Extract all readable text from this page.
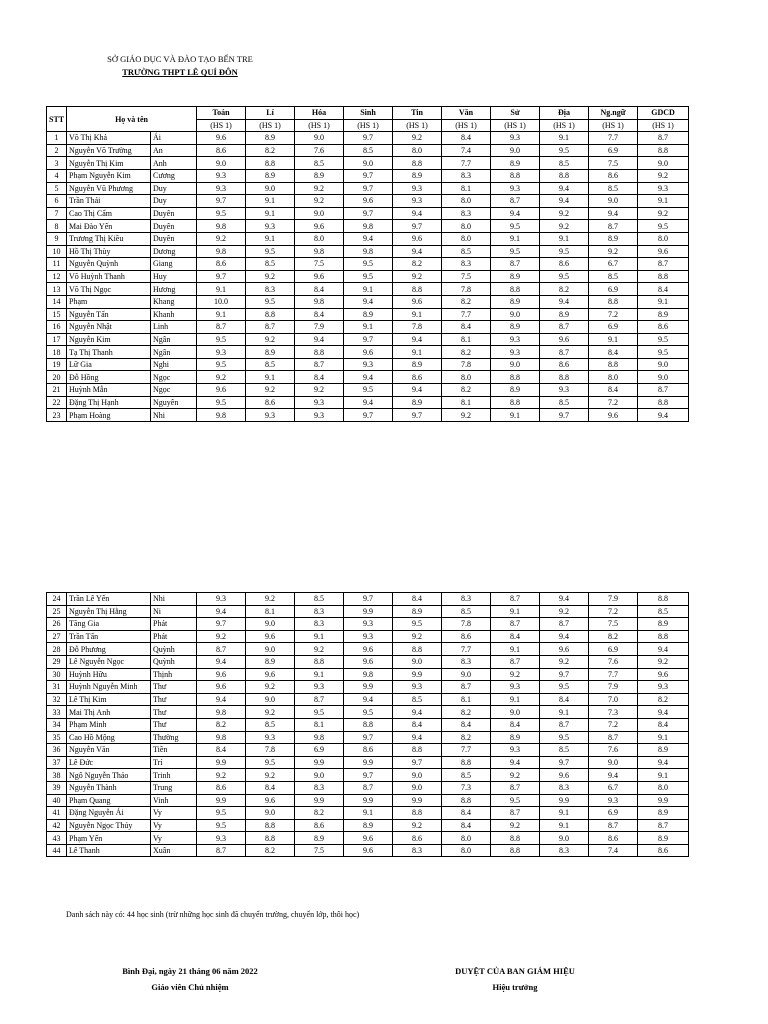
SỞ GIÁO DỤC VÀ ĐÀO TẠO BẾN TRE
TRƯỜNG THPT LÊ QUÍ ĐÔN
STT	Họ và tên		Toán	Lí	Hóa	Sinh	Tin	Văn	Sử	Địa	Ng.ngữ	GDCD
			(HS 1)	(HS 1)	(HS 1)	(HS 1)	(HS 1)	(HS 1)	(HS 1)	(HS 1)	(HS 1)	(HS 1)
1	Võ Thị Khả	Ái	9.6	8.9	9.0	9.7	9.2	8.4	9.3	9.1	7.7	8.7
2	Nguyễn Võ Trường	An	8.6	8.2	7.6	8.5	8.0	7.4	9.0	9.5	6.9	8.8
3	Nguyễn Thị Kim	Anh	9.0	8.8	8.5	9.0	8.8	7.7	8.9	8.5	7.5	9.0
4	Phạm Nguyễn Kim	Cương	9.3	8.9	8.9	9.7	8.9	8.3	8.8	8.8	8.6	9.2
5	Nguyễn Vũ Phương	Duy	9.3	9.0	9.2	9.7	9.3	8.1	9.3	9.4	8.5	9.3
6	Trần Thái	Duy	9.7	9.1	9.2	9.6	9.3	8.0	8.7	9.4	9.0	9.1
7	Cao Thị Cẩm	Duyên	9.5	9.1	9.0	9.7	9.4	8.3	9.4	9.2	9.4	9.2
8	Mai Đào Yến	Duyên	9.8	9.3	9.6	9.8	9.7	8.0	9.5	9.2	8.7	9.5
9	Trương Thị Kiều	Duyên	9.2	9.1	8.0	9.4	9.6	8.0	9.1	9.1	8.9	8.0
10	Hồ Thị Thùy	Dương	9.8	9.5	9.8	9.8	9.4	8.5	9.5	9.5	9.2	9.6
11	Nguyễn Quỳnh	Giang	8.6	8.5	7.5	9.5	8.2	8.3	8.7	8.6	6.7	8.7
12	Võ Huỳnh Thanh	Huy	9.7	9.2	9.6	9.5	9.2	7.5	8.9	9.5	8.5	8.8
13	Võ Thị Ngọc	Hương	9.1	8.3	8.4	9.1	8.8	7.8	8.8	8.2	6.9	8.4
14	Phạm	Khang	10.0	9.5	9.8	9.4	9.6	8.2	8.9	9.4	8.8	9.1
15	Nguyễn Tấn	Khanh	9.1	8.8	8.4	8.9	9.1	7.7	9.0	8.9	7.2	8.9
16	Nguyễn Nhật	Linh	8.7	8.7	7.9	9.1	7.8	8.4	8.9	8.7	6.9	8.6
17	Nguyễn Kim	Ngân	9.5	9.2	9.4	9.7	9.4	8.1	9.3	9.6	9.1	9.5
18	Tạ Thị Thanh	Ngân	9.3	8.9	8.8	9.6	9.1	8.2	9.3	8.7	8.4	9.5
19	Lữ Gia	Nghi	9.5	8.5	8.7	9.3	8.9	7.8	9.0	8.6	8.8	9.0
20	Đỗ Hồng	Ngọc	9.2	9.1	8.4	9.4	8.6	8.0	8.8	8.8	8.0	9.0
21	Huỳnh Mẫn	Ngọc	9.6	9.2	9.2	9.5	9.4	8.2	8.9	9.3	8.4	8.7
22	Đặng Thị Hạnh	Nguyên	9.5	8.6	9.3	9.4	8.9	8.1	8.8	8.5	7.2	8.8
23	Phạm Hoàng	Nhi	9.8	9.3	9.3	9.7	9.7	9.2	9.1	9.7	9.6	9.4
24	Trần Lê Yến	Nhi	9.3	9.2	8.5	9.7	8.4	8.3	8.7	9.4	7.9	8.8
25	Nguyễn Thị Hằng	Ni	9.4	8.1	8.3	9.9	8.9	8.5	9.1	9.2	7.2	8.5
26	Tăng Gia	Phát	9.7	9.0	8.3	9.3	9.5	7.8	8.7	8.7	7.5	8.9
27	Trần Tấn	Phát	9.2	9.6	9.1	9.3	9.2	8.6	8.4	9.4	8.2	8.8
28	Đỗ Phương	Quỳnh	8.7	9.0	9.2	9.6	8.8	7.7	9.1	9.6	6.9	9.4
29	Lê Nguyễn Ngọc	Quỳnh	9.4	8.9	8.8	9.6	9.0	8.3	8.7	9.2	7.6	9.2
30	Huỳnh Hữu	Thịnh	9.6	9.6	9.1	9.8	9.9	9.0	9.2	9.7	7.7	9.6
31	Huỳnh Nguyễn Minh	Thư	9.6	9.2	9.3	9.9	9.3	8.7	9.3	9.5	7.9	9.3
32	Lê Thị Kim	Thư	9.4	9.0	8.7	9.4	8.5	8.1	9.1	8.4	7.0	8.2
33	Mai Thị Anh	Thư	9.8	9.2	9.5	9.5	9.4	8.2	9.0	9.1	7.3	9.4
34	Phạm Minh	Thư	8.2	8.5	8.1	8.8	8.4	8.4	8.4	8.7	7.2	8.4
35	Cao Hồ Mộng	Thường	9.8	9.3	9.8	9.7	9.4	8.2	8.9	9.5	8.7	9.1
36	Nguyễn Văn	Tiền	8.4	7.8	6.9	8.6	8.8	7.7	9.3	8.5	7.6	8.9
37	Lê Đức	Trí	9.9	9.5	9.9	9.9	9.7	8.8	9.4	9.7	9.0	9.4
38	Ngô Nguyễn Thảo	Trinh	9.2	9.2	9.0	9.7	9.0	8.5	9.2	9.6	9.4	9.1
39	Nguyễn Thành	Trung	8.6	8.4	8.3	8.7	9.0	7.3	8.7	8.3	6.7	8.0
40	Phạm Quang	Vinh	9.9	9.6	9.9	9.9	9.9	8.8	9.5	9.9	9.3	9.9
41	Đặng Nguyễn Ái	Vy	9.5	9.0	8.2	9.1	8.8	8.4	8.7	9.1	6.9	8.9
42	Nguyễn Ngọc Thúy	Vy	9.5	8.8	8.6	8.9	9.2	8.4	9.2	9.1	8.7	8.7
43	Phạm Yến	Vy	9.3	8.8	8.9	9.6	8.6	8.0	8.8	9.0	8.6	8.9
44	Lê Thanh	Xuân	8.7	8.2	7.5	9.6	8.3	8.0	8.8	8.3	7.4	8.6
Danh sách này có: 44 học sinh (trừ những học sinh đã chuyển trường, chuyển lớp, thôi học)
Bình Đại, ngày 21 tháng 06 năm 2022
Giáo viên Chủ nhiệm
DUYỆT CỦA BAN GIÁM HIỆU
Hiệu trưởng
